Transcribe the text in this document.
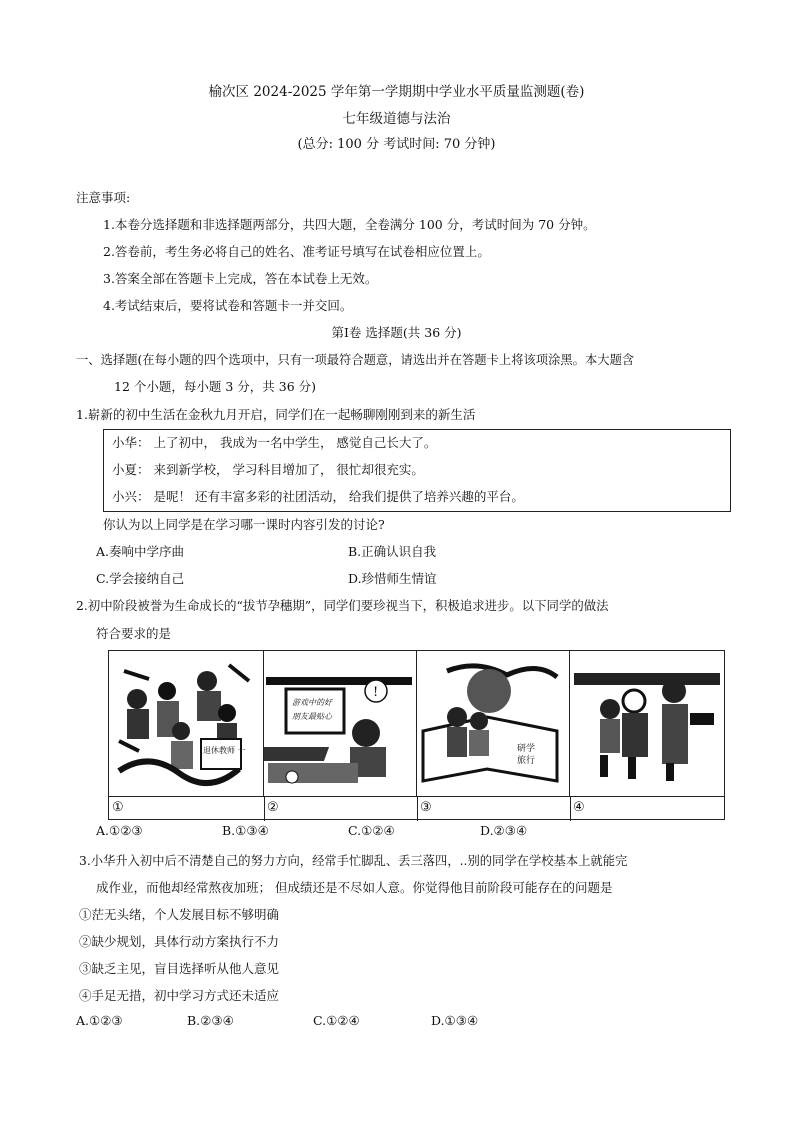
榆次区 2024-2025 学年第一学期期中学业水平质量监测题(卷)
七年级道德与法治
(总分: 100 分 考试时间: 70 分钟)
注意事项:
1.本卷分选择题和非选择题两部分，共四大题，全卷满分 100 分，考试时间为 70 分钟。
2.答卷前，考生务必将自己的姓名、准考证号填写在试卷相应位置上。
3.答案全部在答题卡上完成，答在本试卷上无效。
4.考试结束后，要将试卷和答题卡一并交回。
第Ⅰ卷 选择题(共 36 分)
一、选择题(在每小题的四个选项中，只有一项最符合题意，请选出并在答题卡上将该项涂黑。本大题含
12 个小题，每小题 3 分，共 36 分)
1.崭新的初中生活在金秋九月开启，同学们在一起畅聊刚刚到来的新生活
小华： 上了初中， 我成为一名中学生， 感觉自己长大了。
小夏： 来到新学校， 学习科目增加了， 很忙却很充实。
小兴： 是呢！ 还有丰富多彩的社团活动， 给我们提供了培养兴趣的平台。
你认为以上同学是在学习哪一课时内容引发的讨论?
A.奏响中学序曲	B.正确认识自我
C.学会接纳自己	D.珍惜师生情谊
2.初中阶段被誉为生命成长的“拔节孕穗期”，同学们要珍视当下，积极追求进步。以下同学的做法
符合要求的是
退休教师 一
游戏中的好
朋友最贴心
!
研学
旅行
①	②	③	④
A.①②③	B.①③④	C.①②④	D.②③④
3.小华升入初中后不清楚自己的努力方向，经常手忙脚乱、丢三落四，..别的同学在学校基本上就能完
成作业，而他却经常熬夜加班； 但成绩还是不尽如人意。你觉得他目前阶段可能存在的问题是
①茫无头绪，个人发展目标不够明确
②缺少规划，具体行动方案执行不力
③缺乏主见，盲目选择听从他人意见
④手足无措，初中学习方式还未适应
A.①②③	B.②③④	C.①②④	D.①③④
